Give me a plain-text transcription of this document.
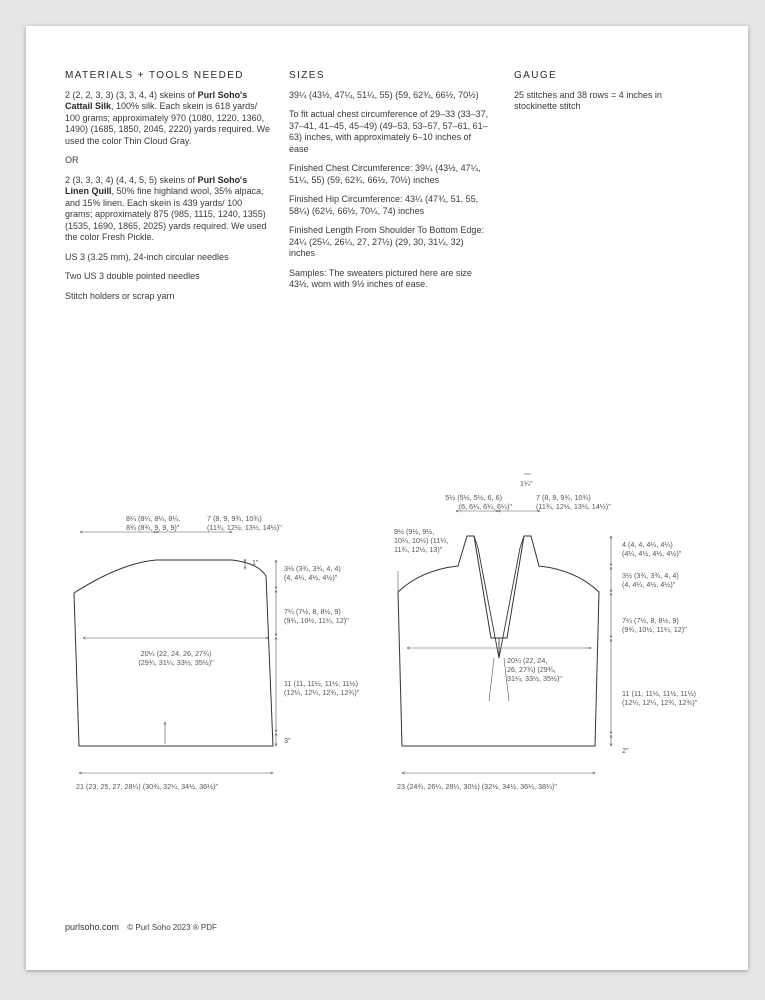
MATERIALS + TOOLS NEEDED

2 (2, 2, 3, 3) (3, 3, 4, 4) skeins of Purl Soho's Cattail Silk, 100% silk. Each skein is 618 yards/ 100 grams; approximately 970 (1080, 1220, 1360, 1490) (1685, 1850, 2045, 2220) yards required. We used the color Thin Cloud Gray.

OR

2 (3, 3, 3, 4) (4, 4, 5, 5) skeins of Purl Soho's Linen Quill, 50% fine highland wool, 35% alpaca, and 15% linen. Each skein is 439 yards/ 100 grams; approximately 875 (985, 1115, 1240, 1355) (1535, 1690, 1865, 2025) yards required. We used the color Fresh Pickle.

US 3 (3.25 mm), 24-inch circular needles

Two US 3 double pointed needles

Stitch holders or scrap yarn

SIZES

39¼ (43½, 47¼, 51¼, 55) (59, 62¾, 66½, 70½)

To fit actual chest circumference of 29–33 (33–37, 37–41, 41–45, 45–49) (49–53, 53–57, 57–61, 61–63) inches, with approximately 6–10 inches of ease

Finished Chest Circumference: 39¼ (43½, 47¼, 51¼, 55) (59, 62¾, 66½, 70½) inches

Finished Hip Circumference: 43¼ (47¾, 51, 55, 58¼) (62½, 66½, 70¼, 74) inches

Finished Length From Shoulder To Bottom Edge: 24¼ (25¼, 26¼, 27, 27½) (29, 30, 31¼, 32) inches

Samples: The sweaters pictured here are size 43½, worn with 9½ inches of ease.

GAUGE

25 stitches and 38 rows = 4 inches in stockinette stitch

8¼ (8¼, 8¼, 8¼,
8¾ (8¾, 9, 9, 9)"
7 (8, 9, 9¾, 10¾)
(11¾, 12½, 13½, 14½)"
20¼ (22, 24, 26, 27¾)
(29¾, 31¼, 33½, 35½)"
21 (23, 25, 27, 28¼) (30¾, 32¼, 34½, 36½)"
1"
3½ (3¾, 3¾, 4, 4)
(4, 4¼, 4½, 4½)"
7¼ (7½, 8, 8½, 9)
(9¾, 10½, 11¼, 12)"
11 (11, 11½, 11½, 11½)
(12¼, 12¼, 12¾, 12¾)"
3"
5½ (5½, 5½, 6, 6)
(6, 6¼, 6¼, 6¼)"
7 (8, 9, 9¾, 10¾)
(11¾, 12½, 13½, 14½)"
1¼"
9½ (9½, 9½,
10¼, 10½) (11¼,
11¾, 12½, 13)"
20¼ (22, 24,
26, 27¾) (29¾,
31¼, 33½, 35½)"
23 (24¾, 26¼, 28¼, 30½) (32½, 34½, 36¼, 38¼)"
4 (4, 4, 4¼, 4¼)
(4¼, 4½, 4½, 4½)"
3½ (3¾, 3¾, 4, 4)
(4, 4¼, 4½, 4½)"
7¼ (7½, 8, 8½, 9)
(9¾, 10½, 11¼, 12)"
11 (11, 11½, 11½, 11½)
(12¼, 12¼, 12¾, 12¾)"
2"
purlsoho.com © Purl Soho 2023 ® PDF
